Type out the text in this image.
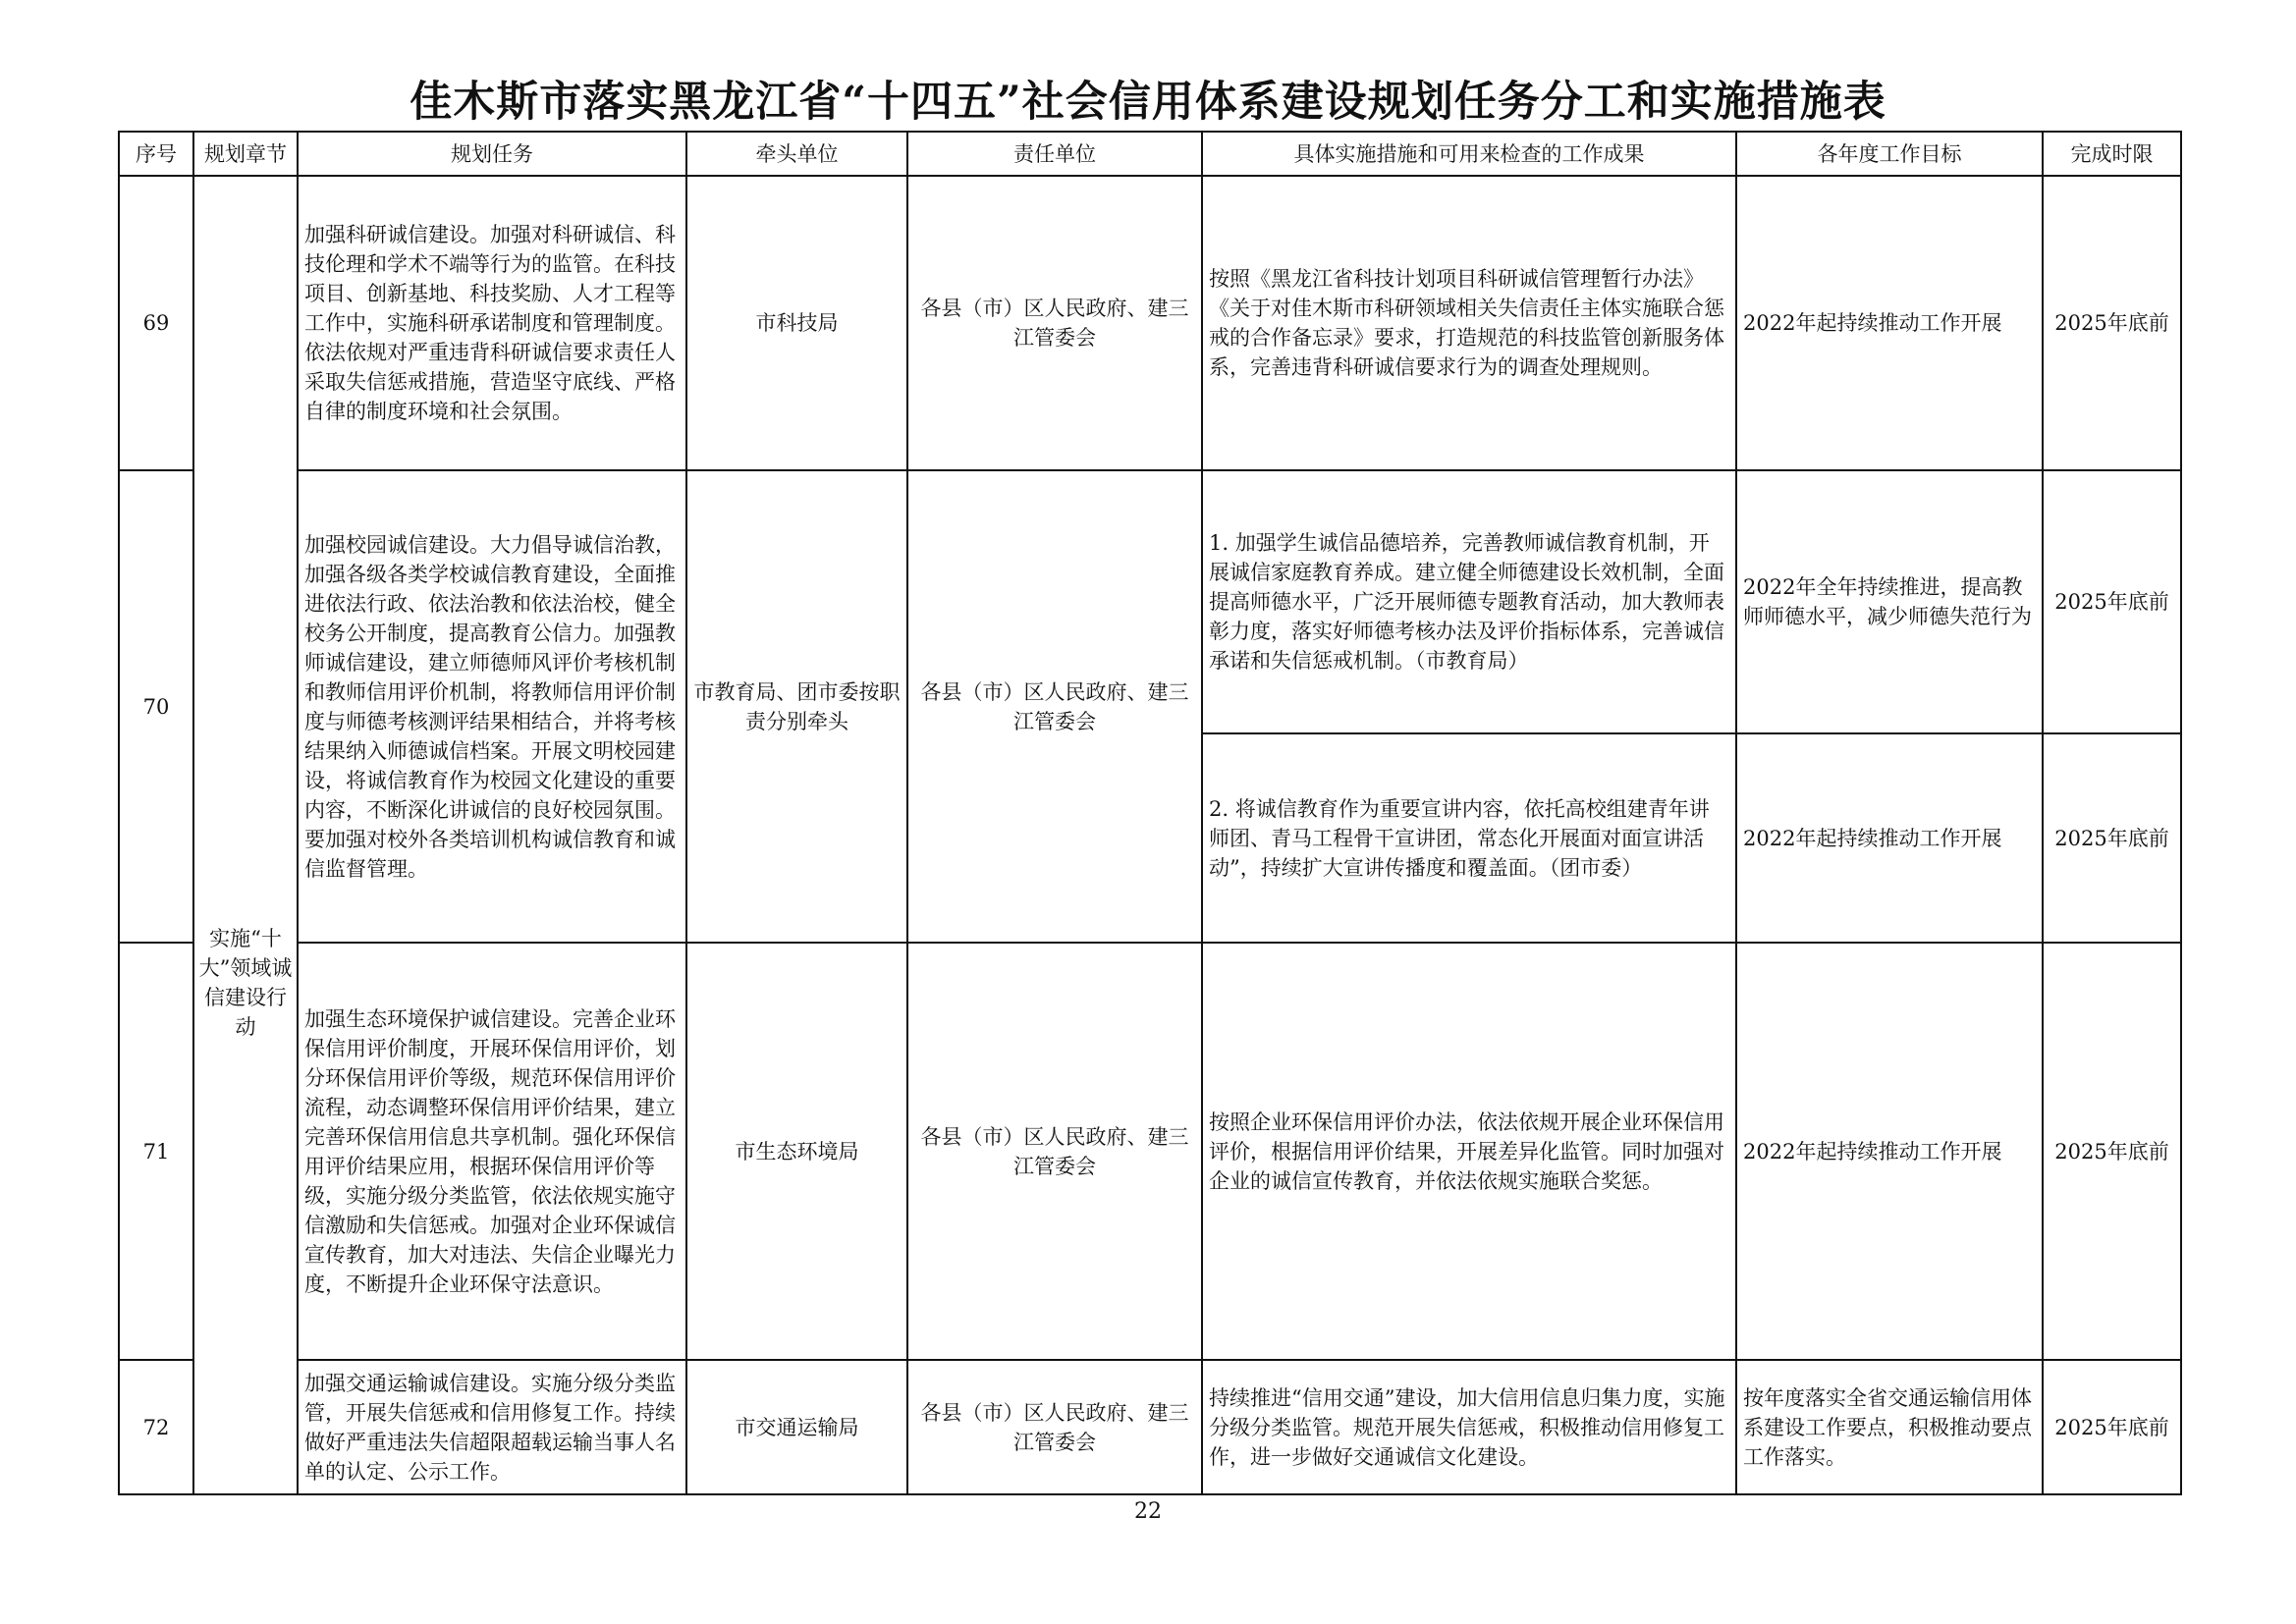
佳木斯市落实黑龙江省“十四五”社会信用体系建设规划任务分工和实施措施表
序号	规划章节	规划任务	牵头单位	责任单位	具体实施措施和可用来检查的工作成果	各年度工作目标	完成时限
69	实施“十大”领域诚信建设行动	加强科研诚信建设。加强对科研诚信、科技伦理和学术不端等行为的监管。在科技项目、创新基地、科技奖励、人才工程等工作中，实施科研承诺制度和管理制度。依法依规对严重违背科研诚信要求责任人采取失信惩戒措施，营造坚守底线、严格自律的制度环境和社会氛围。	市科技局	各县（市）区人民政府、建三江管委会	按照《黑龙江省科技计划项目科研诚信管理暂行办法》《关于对佳木斯市科研领域相关失信责任主体实施联合惩戒的合作备忘录》要求，打造规范的科技监管创新服务体系，完善违背科研诚信要求行为的调查处理规则。	2022年起持续推动工作开展	2025年底前
70		加强校园诚信建设。大力倡导诚信治教，加强各级各类学校诚信教育建设，全面推进依法行政、依法治教和依法治校，健全校务公开制度，提高教育公信力。加强教师诚信建设，建立师德师风评价考核机制和教师信用评价机制，将教师信用评价制度与师德考核测评结果相结合，并将考核结果纳入师德诚信档案。开展文明校园建设，将诚信教育作为校园文化建设的重要内容，不断深化讲诚信的良好校园氛围。要加强对校外各类培训机构诚信教育和诚信监督管理。	市教育局、团市委按职责分别牵头	各县（市）区人民政府、建三江管委会	1. 加强学生诚信品德培养，完善教师诚信教育机制，开展诚信家庭教育养成。建立健全师德建设长效机制，全面提高师德水平，广泛开展师德专题教育活动，加大教师表彰力度，落实好师德考核办法及评价指标体系，完善诚信承诺和失信惩戒机制。（市教育局）	2022年全年持续推进，提高教师师德水平，减少师德失范行为	2025年底前
					2. 将诚信教育作为重要宣讲内容，依托高校组建青年讲师团、青马工程骨干宣讲团，常态化开展面对面宣讲活动”，持续扩大宣讲传播度和覆盖面。（团市委）	2022年起持续推动工作开展	2025年底前
71		加强生态环境保护诚信建设。完善企业环保信用评价制度，开展环保信用评价，划分环保信用评价等级，规范环保信用评价流程，动态调整环保信用评价结果，建立完善环保信用信息共享机制。强化环保信用评价结果应用，根据环保信用评价等级，实施分级分类监管，依法依规实施守信激励和失信惩戒。加强对企业环保诚信宣传教育，加大对违法、失信企业曝光力度，不断提升企业环保守法意识。	市生态环境局	各县（市）区人民政府、建三江管委会	按照企业环保信用评价办法，依法依规开展企业环保信用评价，根据信用评价结果，开展差异化监管。同时加强对企业的诚信宣传教育，并依法依规实施联合奖惩。	2022年起持续推动工作开展	2025年底前
72		加强交通运输诚信建设。实施分级分类监管，开展失信惩戒和信用修复工作。持续做好严重违法失信超限超载运输当事人名单的认定、公示工作。	市交通运输局	各县（市）区人民政府、建三江管委会	持续推进“信用交通”建设，加大信用信息归集力度，实施分级分类监管。规范开展失信惩戒，积极推动信用修复工作，进一步做好交通诚信文化建设。	按年度落实全省交通运输信用体系建设工作要点，积极推动要点工作落实。	2025年底前
22
